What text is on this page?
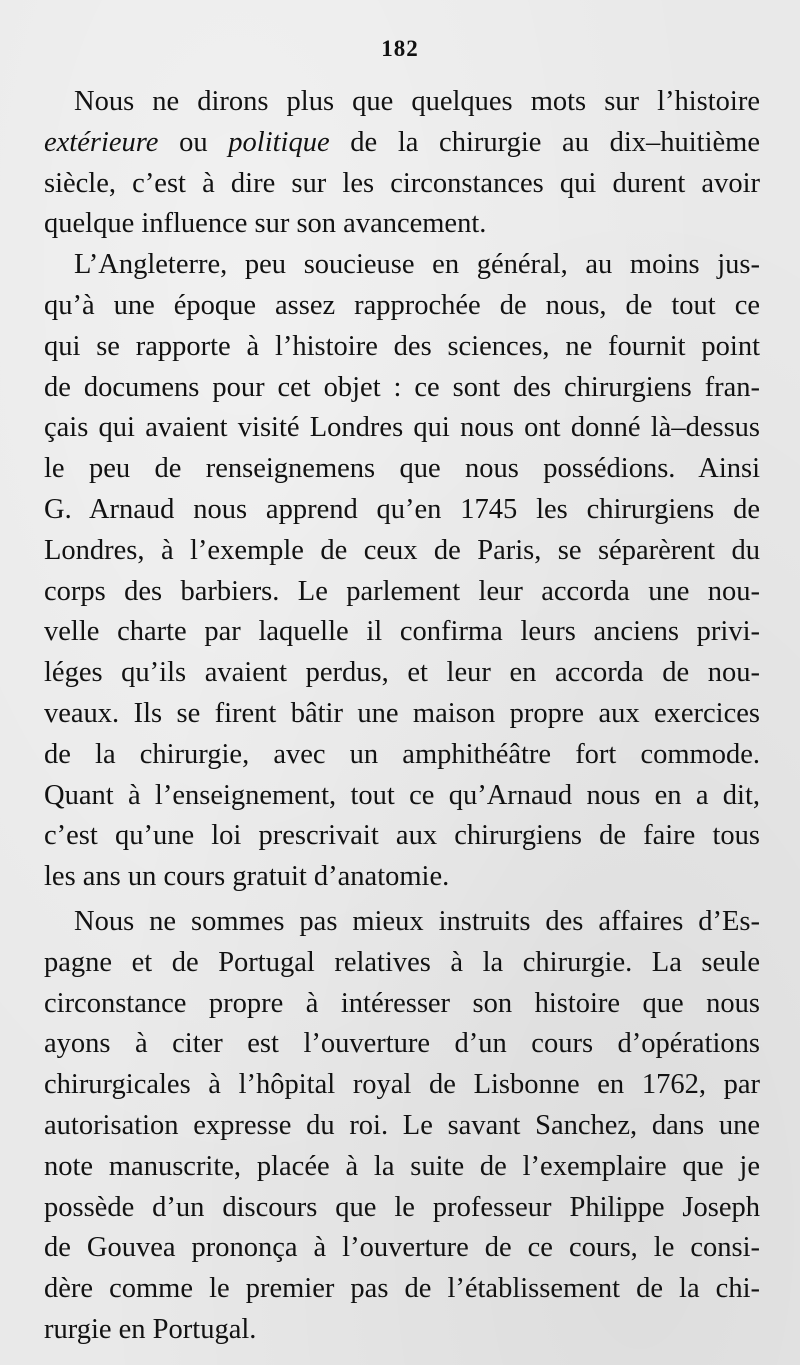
182
Nous ne dirons plus que quelques mots sur l’histoire
extérieure ou politique de la chirurgie au dix–huitième
siècle, c’est à dire sur les circonstances qui durent avoir
quelque influence sur son avancement.
L’Angleterre, peu soucieuse en général, au moins jus-
qu’à une époque assez rapprochée de nous, de tout ce
qui se rapporte à l’histoire des sciences, ne fournit point
de documens pour cet objet : ce sont des chirurgiens fran-
çais qui avaient visité Londres qui nous ont donné là–dessus
le peu de renseignemens que nous possédions. Ainsi
G. Arnaud nous apprend qu’en 1745 les chirurgiens de
Londres, à l’exemple de ceux de Paris, se séparèrent du
corps des barbiers. Le parlement leur accorda une nou-
velle charte par laquelle il confirma leurs anciens privi-
léges qu’ils avaient perdus, et leur en accorda de nou-
veaux. Ils se firent bâtir une maison propre aux exercices
de la chirurgie, avec un amphithéâtre fort commode.
Quant à l’enseignement, tout ce qu’Arnaud nous en a dit,
c’est qu’une loi prescrivait aux chirurgiens de faire tous
les ans un cours gratuit d’anatomie.
Nous ne sommes pas mieux instruits des affaires d’Es-
pagne et de Portugal relatives à la chirurgie. La seule
circonstance propre à intéresser son histoire que nous
ayons à citer est l’ouverture d’un cours d’opérations
chirurgicales à l’hôpital royal de Lisbonne en 1762, par
autorisation expresse du roi. Le savant Sanchez, dans une
note manuscrite, placée à la suite de l’exemplaire que je
possède d’un discours que le professeur Philippe Joseph
de Gouvea prononça à l’ouverture de ce cours, le consi-
dère comme le premier pas de l’établissement de la chi-
rurgie en Portugal.
